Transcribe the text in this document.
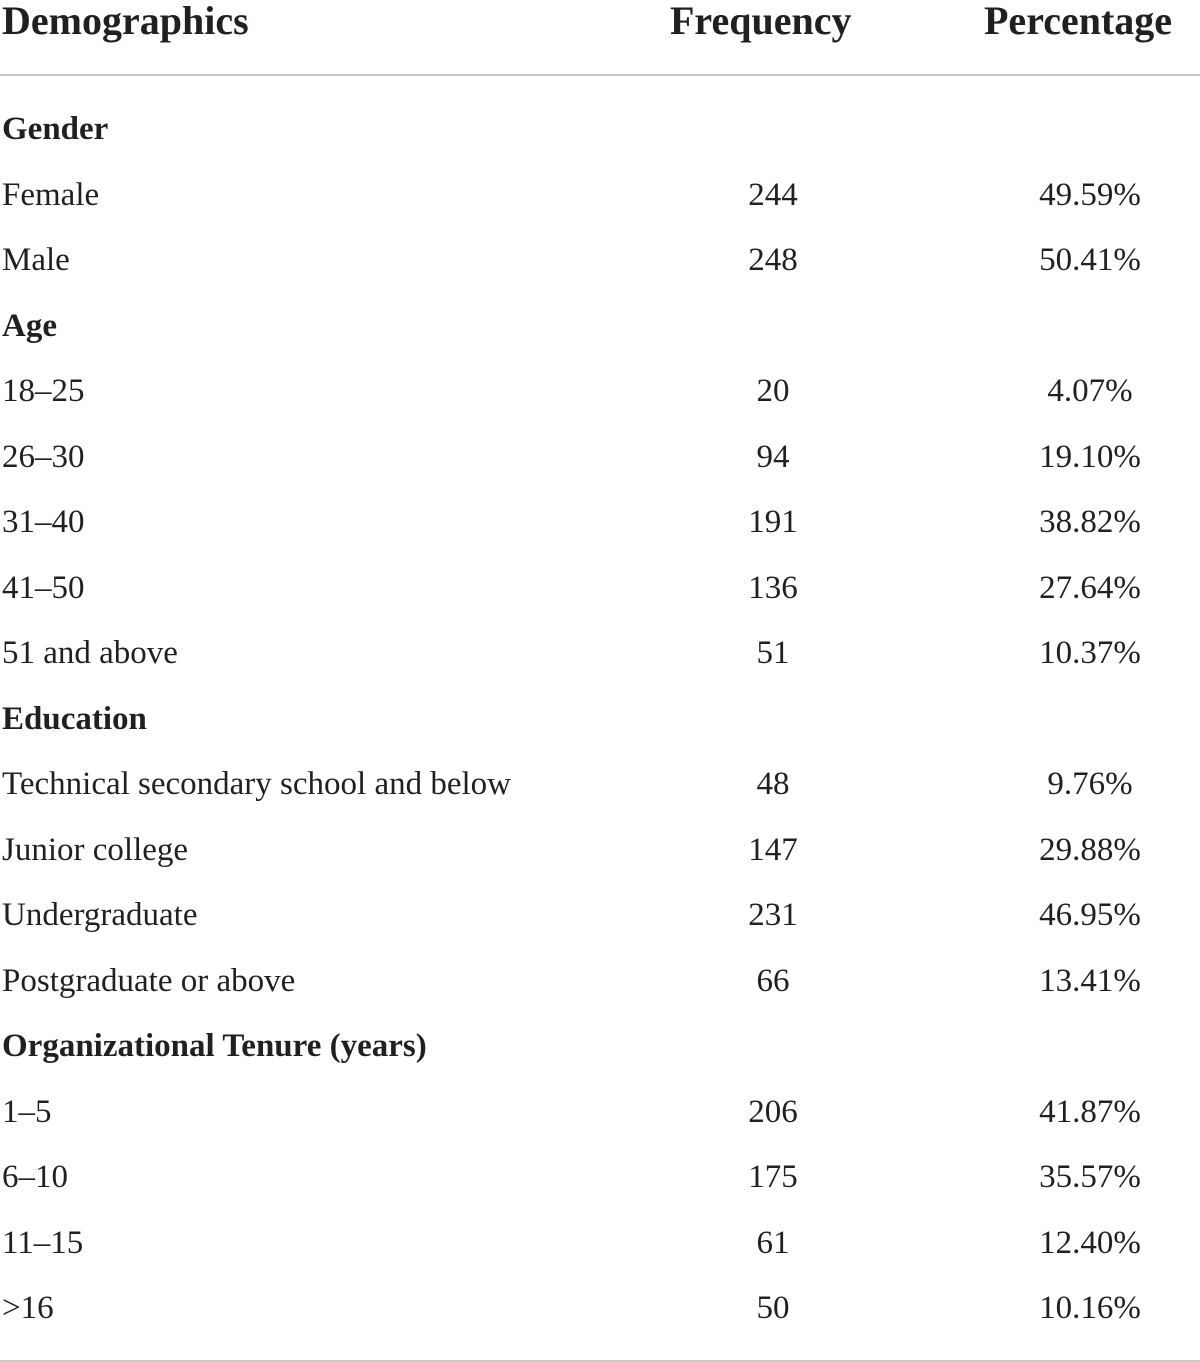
Demographics	Frequency	Percentage
Gender
Female	244	49.59%
Male	248	50.41%
Age
18–25	20	4.07%
26–30	94	19.10%
31–40	191	38.82%
41–50	136	27.64%
51 and above	51	10.37%
Education
Technical secondary school and below	48	9.76%
Junior college	147	29.88%
Undergraduate	231	46.95%
Postgraduate or above	66	13.41%
Organizational Tenure (years)
1–5	206	41.87%
6–10	175	35.57%
11–15	61	12.40%
>16	50	10.16%
